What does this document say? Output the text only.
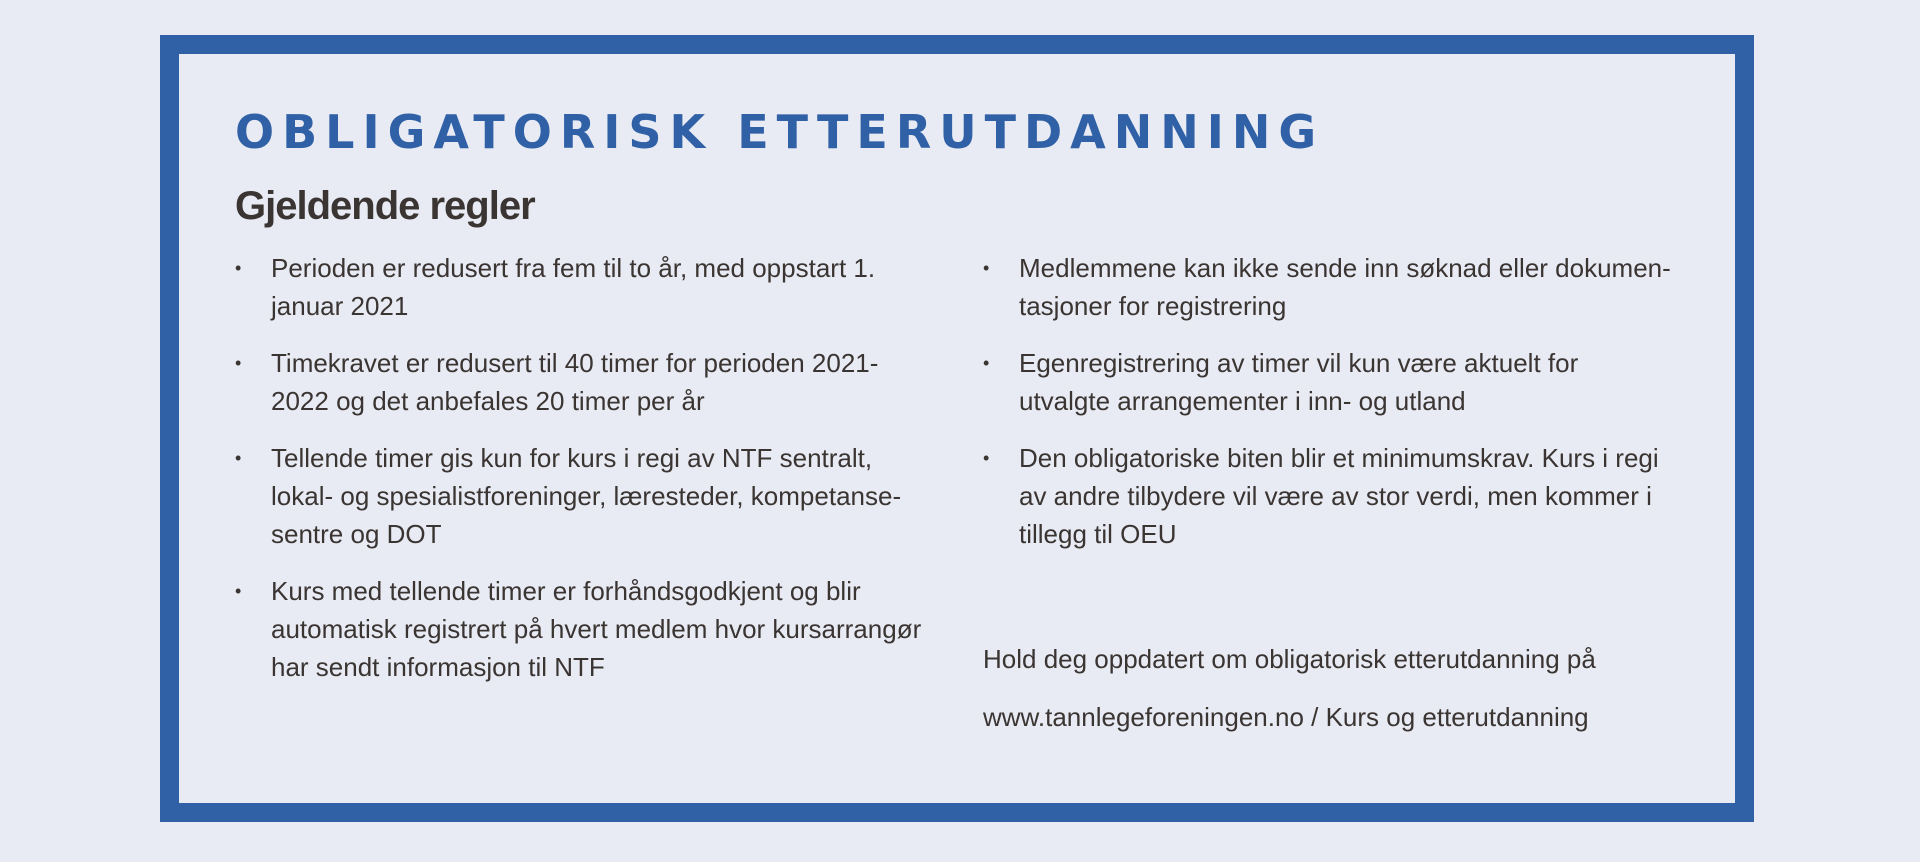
OBLIGATORISK ETTERUTDANNING
Gjeldende regler
• Perioden er redusert fra fem til to år, med oppstart 1.
januar 2021
• Timekravet er redusert til 40 timer for perioden 2021-
2022 og det anbefales 20 timer per år
• Tellende timer gis kun for kurs i regi av NTF sentralt,
lokal- og spesialistforeninger, læresteder, kompetanse-
sentre og DOT
• Kurs med tellende timer er forhåndsgodkjent og blir
automatisk registrert på hvert medlem hvor kursarrangør
har sendt informasjon til NTF
• Medlemmene kan ikke sende inn søknad eller dokumen-
tasjoner for registrering
• Egenregistrering av timer vil kun være aktuelt for
utvalgte arrangementer i inn- og utland
• Den obligatoriske biten blir et minimumskrav. Kurs i regi
av andre tilbydere vil være av stor verdi, men kommer i
tillegg til OEU

Hold deg oppdatert om obligatorisk etterutdanning på

www.tannlegeforeningen.no / Kurs og etterutdanning
